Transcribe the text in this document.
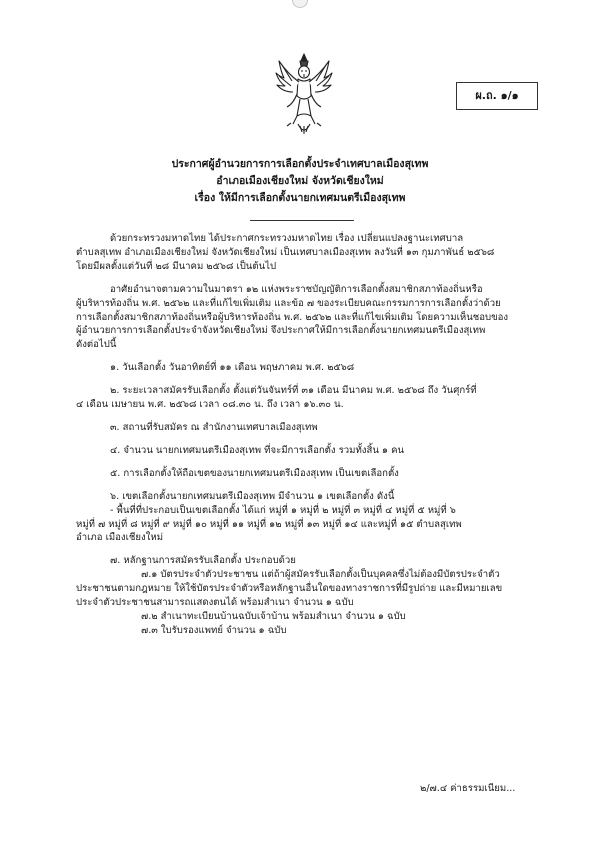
ผ.ถ. ๑/๑
ประกาศผู้อำนวยการการเลือกตั้งประจำเทศบาลเมืองสุเทพ
อำเภอเมืองเชียงใหม่ จังหวัดเชียงใหม่
เรื่อง ให้มีการเลือกตั้งนายกเทศมนตรีเมืองสุเทพ

ด้วยกระทรวงมหาดไทย ได้ประกาศกระทรวงมหาดไทย เรื่อง เปลี่ยนแปลงฐานะเทศบาล

ตำบลสุเทพ อำเภอเมืองเชียงใหม่ จังหวัดเชียงใหม่ เป็นเทศบาลเมืองสุเทพ ลงวันที่ ๑๓ กุมภาพันธ์ ๒๕๖๘

โดยมีผลตั้งแต่วันที่ ๒๘ มีนาคม ๒๕๖๘ เป็นต้นไป

อาศัยอำนาจตามความในมาตรา ๑๒ แห่งพระราชบัญญัติการเลือกตั้งสมาชิกสภาท้องถิ่นหรือ

ผู้บริหารท้องถิ่น พ.ศ. ๒๕๖๒ และที่แก้ไขเพิ่มเติม และข้อ ๗ ของระเบียบคณะกรรมการการเลือกตั้งว่าด้วย

การเลือกตั้งสมาชิกสภาท้องถิ่นหรือผู้บริหารท้องถิ่น พ.ศ. ๒๕๖๒ และที่แก้ไขเพิ่มเติม โดยความเห็นชอบของ

ผู้อำนวยการการเลือกตั้งประจำจังหวัดเชียงใหม่ จึงประกาศให้มีการเลือกตั้งนายกเทศมนตรีเมืองสุเทพ

ดังต่อไปนี้

๑. วันเลือกตั้ง วันอาทิตย์ที่ ๑๑ เดือน พฤษภาคม พ.ศ. ๒๕๖๘

๒. ระยะเวลาสมัครรับเลือกตั้ง ตั้งแต่วันจันทร์ที่ ๓๑ เดือน มีนาคม พ.ศ. ๒๕๖๘ ถึง วันศุกร์ที่

๔ เดือน เมษายน พ.ศ. ๒๕๖๘ เวลา ๐๘.๓๐ น. ถึง เวลา ๑๖.๓๐ น.

๓. สถานที่รับสมัคร ณ สำนักงานเทศบาลเมืองสุเทพ

๔. จำนวน นายกเทศมนตรีเมืองสุเทพ ที่จะมีการเลือกตั้ง รวมทั้งสิ้น ๑ คน

๕. การเลือกตั้งให้ถือเขตของนายกเทศมนตรีเมืองสุเทพ เป็นเขตเลือกตั้ง

๖. เขตเลือกตั้งนายกเทศมนตรีเมืองสุเทพ มีจำนวน ๑ เขตเลือกตั้ง ดังนี้

- พื้นที่ที่ประกอบเป็นเขตเลือกตั้ง ได้แก่ หมู่ที่ ๑ หมู่ที่ ๒ หมู่ที่ ๓ หมู่ที่ ๔ หมู่ที่ ๕ หมู่ที่ ๖

หมู่ที่ ๗ หมู่ที่ ๘ หมู่ที่ ๙ หมู่ที่ ๑๐ หมู่ที่ ๑๑ หมู่ที่ ๑๒ หมู่ที่ ๑๓ หมู่ที่ ๑๔ และหมู่ที่ ๑๕ ตำบลสุเทพ

อำเภอ เมืองเชียงใหม่

๗. หลักฐานการสมัครรับเลือกตั้ง ประกอบด้วย

๗.๑ บัตรประจำตัวประชาชน แต่ถ้าผู้สมัครรับเลือกตั้งเป็นบุคคลซึ่งไม่ต้องมีบัตรประจำตัว

ประชาชนตามกฎหมาย ให้ใช้บัตรประจำตัวหรือหลักฐานอื่นใดของทางราชการที่มีรูปถ่าย และมีหมายเลข

ประจำตัวประชาชนสามารถแสดงตนได้ พร้อมสำเนา จำนวน ๑ ฉบับ

๗.๒ สำเนาทะเบียนบ้านฉบับเจ้าบ้าน พร้อมสำเนา จำนวน ๑ ฉบับ

๗.๓ ใบรับรองแพทย์ จำนวน ๑ ฉบับ

๒/๗.๔ ค่าธรรมเนียม...
